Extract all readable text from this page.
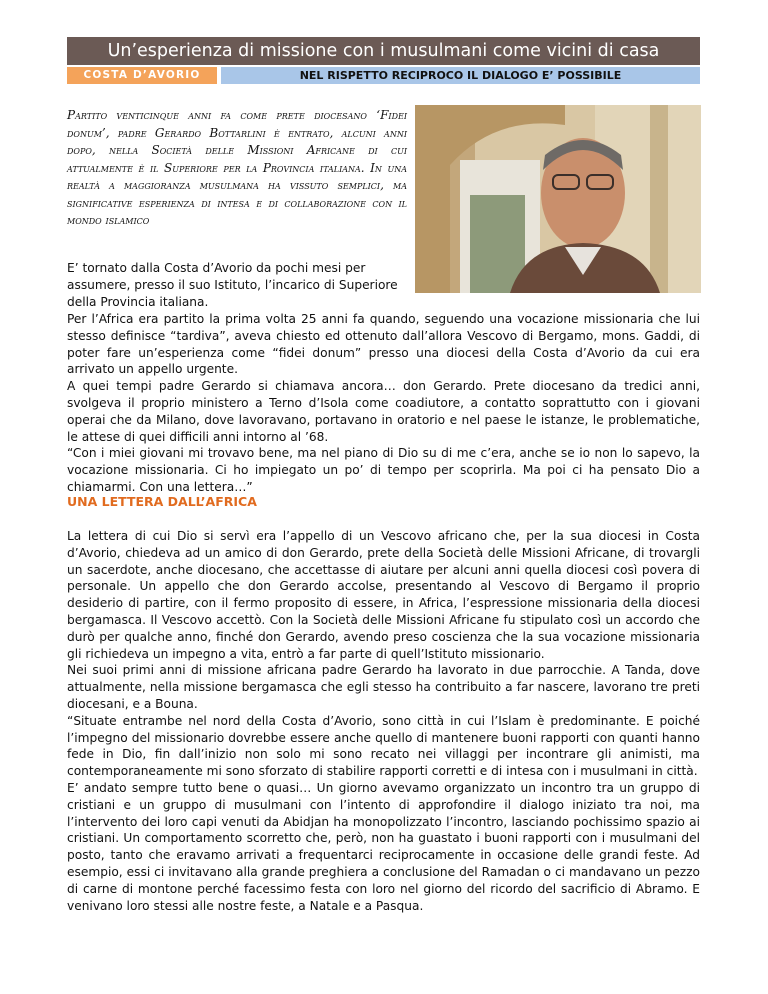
Un’esperienza di missione con i musulmani come vicini di casa
COSTA D’AVORIO	NEL RISPETTO RECIPROCO IL DIALOGO E’ POSSIBILE
Partito venticinque anni fa come prete diocesano ‘Fidei donum’, padre Gerardo Bottarlini è entrato, alcuni anni dopo, nella Società delle Missioni Africane di cui attualmente è il Superiore per la Provincia italiana. In una realtà a maggioranza musulmana ha vissuto semplici, ma significative esperienza di intesa e di collaborazione con il mondo islamico
E’ tornato dalla Costa d’Avorio da pochi mesi per assumere, presso il suo Istituto, l’incarico di Superiore della Provincia italiana.

Per l’Africa era partito la prima volta 25 anni fa quando, seguendo una vocazione missionaria che lui stesso definisce “tardiva”, aveva chiesto ed ottenuto dall’allora Vescovo di Bergamo, mons. Gaddi, di poter fare un’esperienza come “fidei donum” presso una diocesi della Costa d’Avorio da cui era arrivato un appello urgente.

A quei tempi padre Gerardo si chiamava ancora… don Gerardo. Prete diocesano da tredici anni, svolgeva il proprio ministero a Terno d’Isola come coadiutore, a contatto soprattutto con i giovani operai che da Milano, dove lavoravano, portavano in oratorio e nel paese le istanze, le problematiche, le attese di quei difficili anni intorno al ’68.

“Con i miei giovani mi trovavo bene, ma nel piano di Dio su di me c’era, anche se io non lo sapevo, la vocazione missionaria. Ci ho impiegato un po’ di tempo per scoprirla. Ma poi ci ha pensato Dio a chiamarmi. Con una lettera…”

UNA LETTERA DALL’AFRICA

La lettera di cui Dio si servì era l’appello di un Vescovo africano che, per la sua diocesi in Costa d’Avorio, chiedeva ad un amico di don Gerardo, prete della Società delle Missioni Africane, di trovargli un sacerdote, anche diocesano, che accettasse di aiutare per alcuni anni quella diocesi così povera di personale. Un appello che don Gerardo accolse, presentando al Vescovo di Bergamo il proprio desiderio di partire, con il fermo proposito di essere, in Africa, l’espressione missionaria della diocesi bergamasca. Il Vescovo accettò. Con la Società delle Missioni Africane fu stipulato così un accordo che durò per qualche anno, finché don Gerardo, avendo preso coscienza che la sua vocazione missionaria gli richiedeva un impegno a vita, entrò a far parte di quell’Istituto missionario.

Nei suoi primi anni di missione africana padre Gerardo ha lavorato in due parrocchie. A Tanda, dove attualmente, nella missione bergamasca che egli stesso ha contribuito a far nascere, lavorano tre preti diocesani, e a Bouna.

“Situate entrambe nel nord della Costa d’Avorio, sono città in cui l’Islam è predominante. E poiché l’impegno del missionario dovrebbe essere anche quello di mantenere buoni rapporti con quanti hanno fede in Dio, fin dall’inizio non solo mi sono recato nei villaggi per incontrare gli animisti, ma contemporaneamente mi sono sforzato di stabilire rapporti corretti e di intesa con i musulmani in città.

E’ andato sempre tutto bene o quasi… Un giorno avevamo organizzato un incontro tra un gruppo di cristiani e un gruppo di musulmani con l’intento di approfondire il dialogo iniziato tra noi, ma l’intervento dei loro capi venuti da Abidjan ha monopolizzato l’incontro, lasciando pochissimo spazio ai cristiani. Un comportamento scorretto che, però, non ha guastato i buoni rapporti con i musulmani del posto, tanto che eravamo arrivati a frequentarci reciprocamente in occasione delle grandi feste. Ad esempio, essi ci invitavano alla grande preghiera a conclusione del Ramadan o ci mandavano un pezzo di carne di montone perché facessimo festa con loro nel giorno del ricordo del sacrificio di Abramo. E venivano loro stessi alle nostre feste, a Natale e a Pasqua.
